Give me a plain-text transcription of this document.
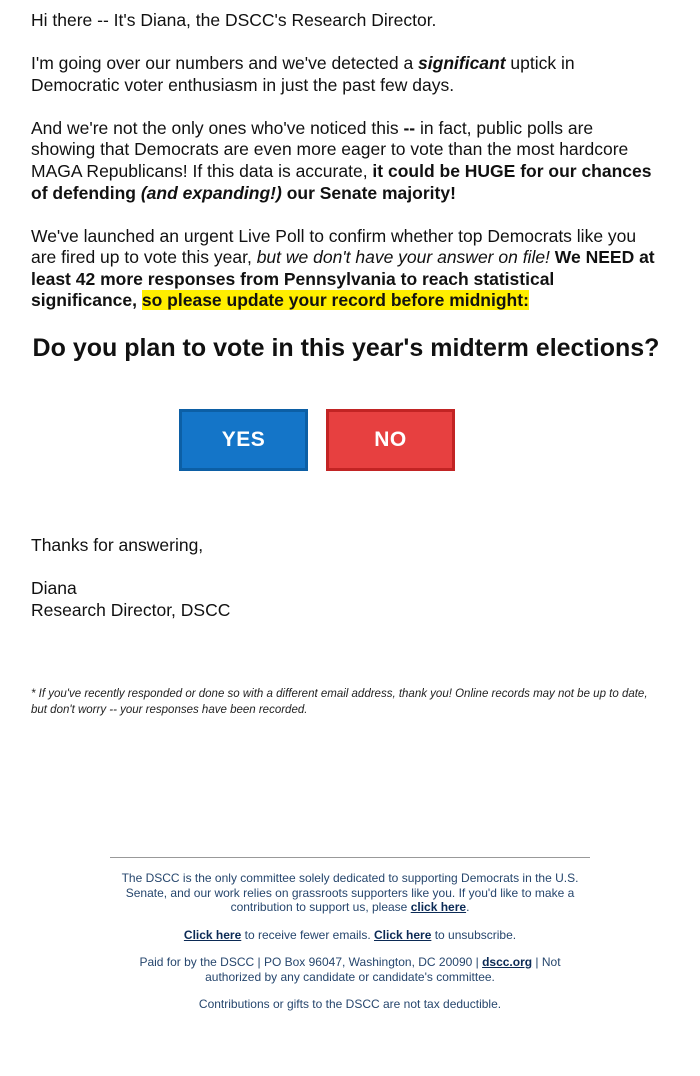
Hi there -- It's Diana, the DSCC's Research Director.

I'm going over our numbers and we've detected a significant uptick in Democratic voter enthusiasm in just the past few days.

And we're not the only ones who've noticed this -- in fact, public polls are showing that Democrats are even more eager to vote than the most hardcore MAGA Republicans! If this data is accurate, it could be HUGE for our chances of defending (and expanding!) our Senate majority!

We've launched an urgent Live Poll to confirm whether top Democrats like you are fired up to vote this year, but we don't have your answer on file! We NEED at least 42 more responses from Pennsylvania to reach statistical significance, so please update your record before midnight:

Do you plan to vote in this year's midterm elections?
YES	NO
Thanks for answering,
Diana
Research Director, DSCC
* If you've recently responded or done so with a different email address, thank you! Online records may not be up to date, but don't worry -- your responses have been recorded.

The DSCC is the only committee solely dedicated to supporting Democrats in the U.S. Senate, and our work relies on grassroots supporters like you. If you'd like to make a contribution to support us, please click here.

Click here to receive fewer emails. Click here to unsubscribe.

Paid for by the DSCC | PO Box 96047, Washington, DC 20090 | dscc.org | Not authorized by any candidate or candidate's committee.

Contributions or gifts to the DSCC are not tax deductible.
